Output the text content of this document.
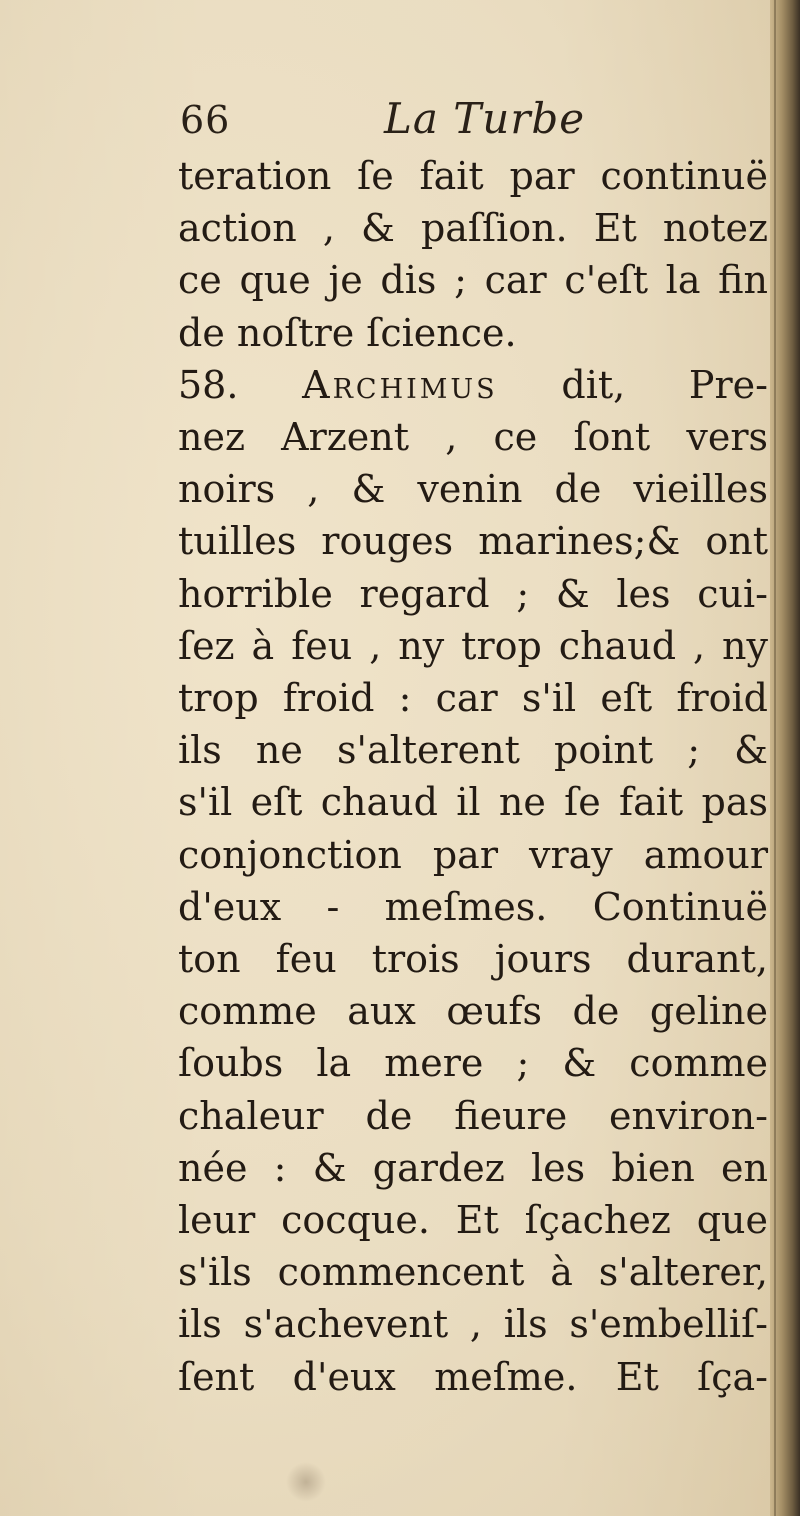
66	La Turbe
teration ſe fait par continuë
action , & paſſion. Et notez
ce que je dis ; car c'eſt la fin
de noſtre ſcience.
58. Archimus dit, Pre-
nez Arzent , ce ſont vers
noirs , & venin de vieilles
tuilles rouges marines;& ont
horrible regard ; & les cui-
ſez à feu , ny trop chaud , ny
trop froid : car s'il eſt froid
ils ne s'alterent point ; &
s'il eſt chaud il ne ſe fait pas
conjonction par vray amour
d'eux - meſmes. Continuë
ton feu trois jours durant,
comme aux œufs de geline
ſoubs la mere ; & comme
chaleur de fieure environ-
née : & gardez les bien en
leur cocque. Et ſçachez que
s'ils commencent à s'alterer,
ils s'achevent , ils s'embelliſ-
ſent d'eux meſme. Et ſça-
